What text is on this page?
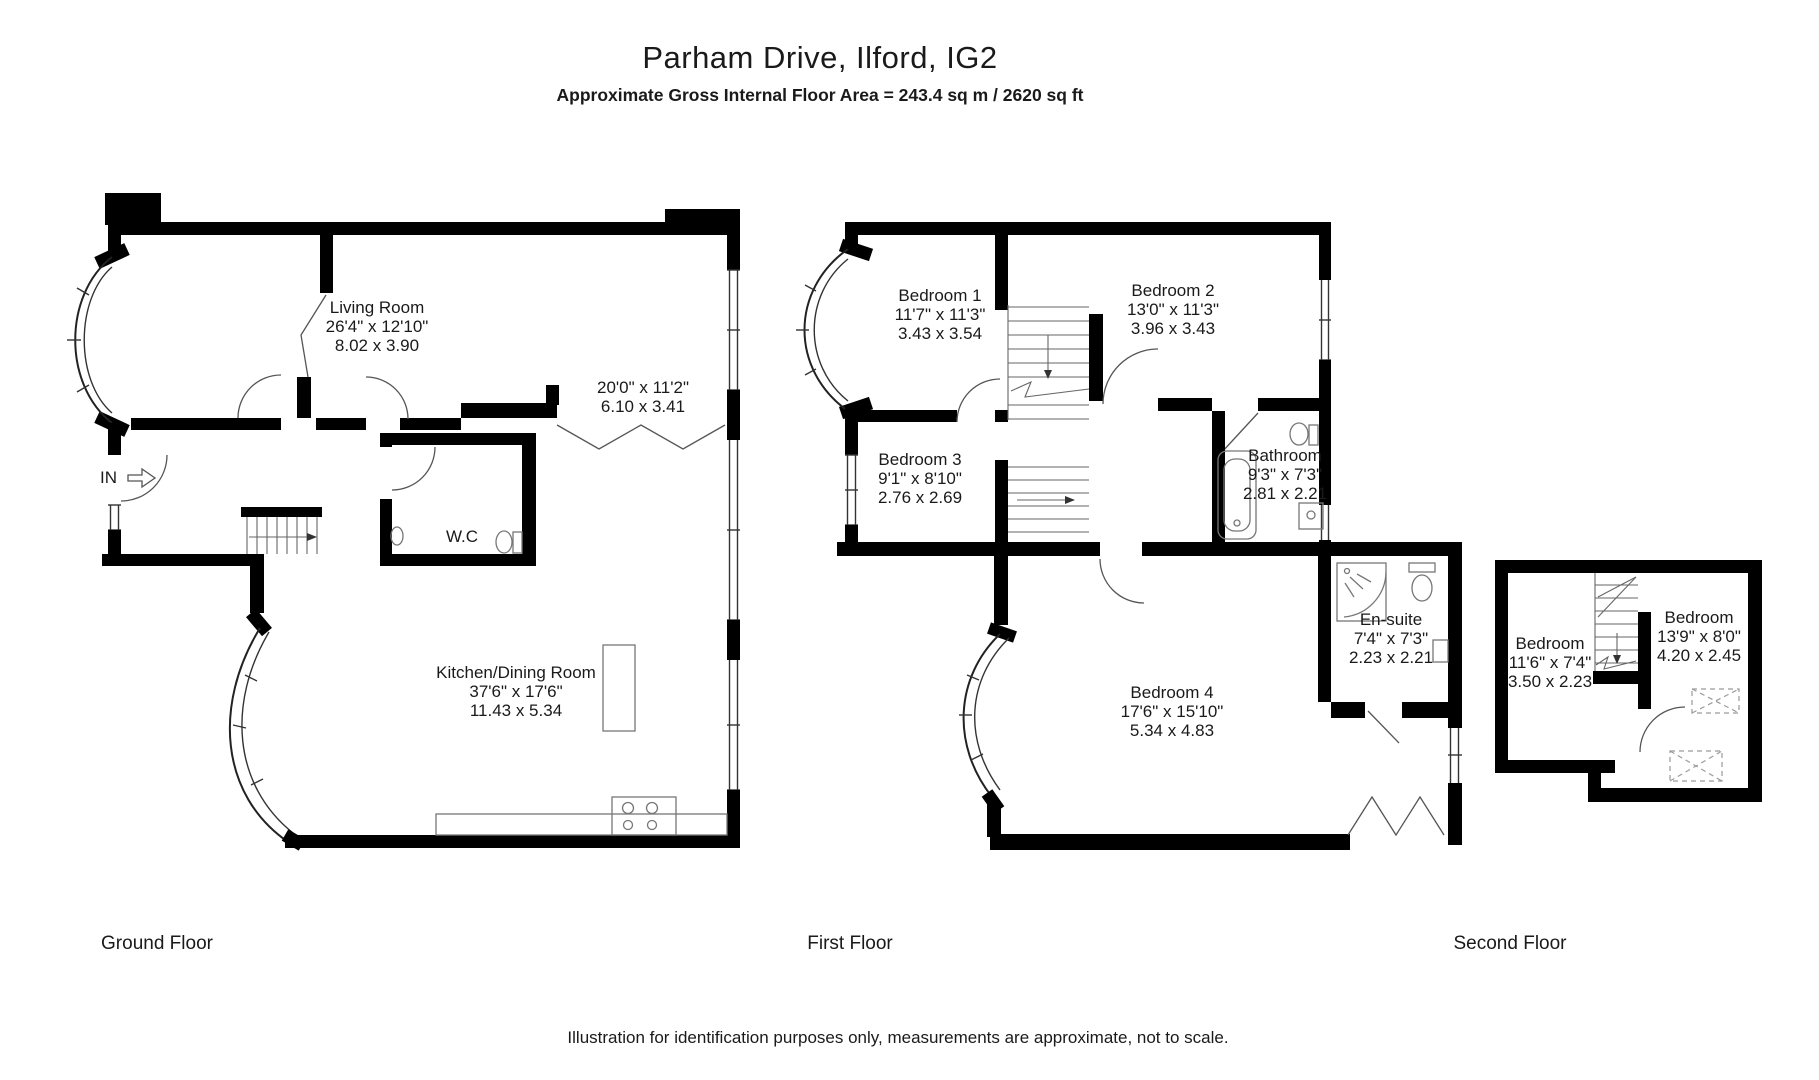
Parham Drive, Ilford, IG2
Approximate Gross Internal Floor Area = 243.4 sq m / 2620 sq ft
Living Room
26'4" x 12'10"
8.02 x 3.90
20'0" x 11'2"
6.10 x 3.41
W.C
Kitchen/Dining Room
37'6" x 17'6"
11.43 x 5.34
Bedroom 1
11'7" x 11'3"
3.43 x 3.54
Bedroom 2
13'0" x 11'3"
3.96 x 3.43
Bedroom 3
9'1" x 8'10"
2.76 x 2.69
Bathroom
9'3" x 7'3"
2.81 x 2.21
En-suite
7'4" x 7'3"
2.23 x 2.21
Bedroom 4
17'6" x 15'10"
5.34 x 4.83
Bedroom
11'6" x 7'4"
3.50 x 2.23
Bedroom
13'9" x 8'0"
4.20 x 2.45
IN
Ground Floor	First Floor	Second Floor
Illustration for identification purposes only, measurements are approximate, not to scale.
